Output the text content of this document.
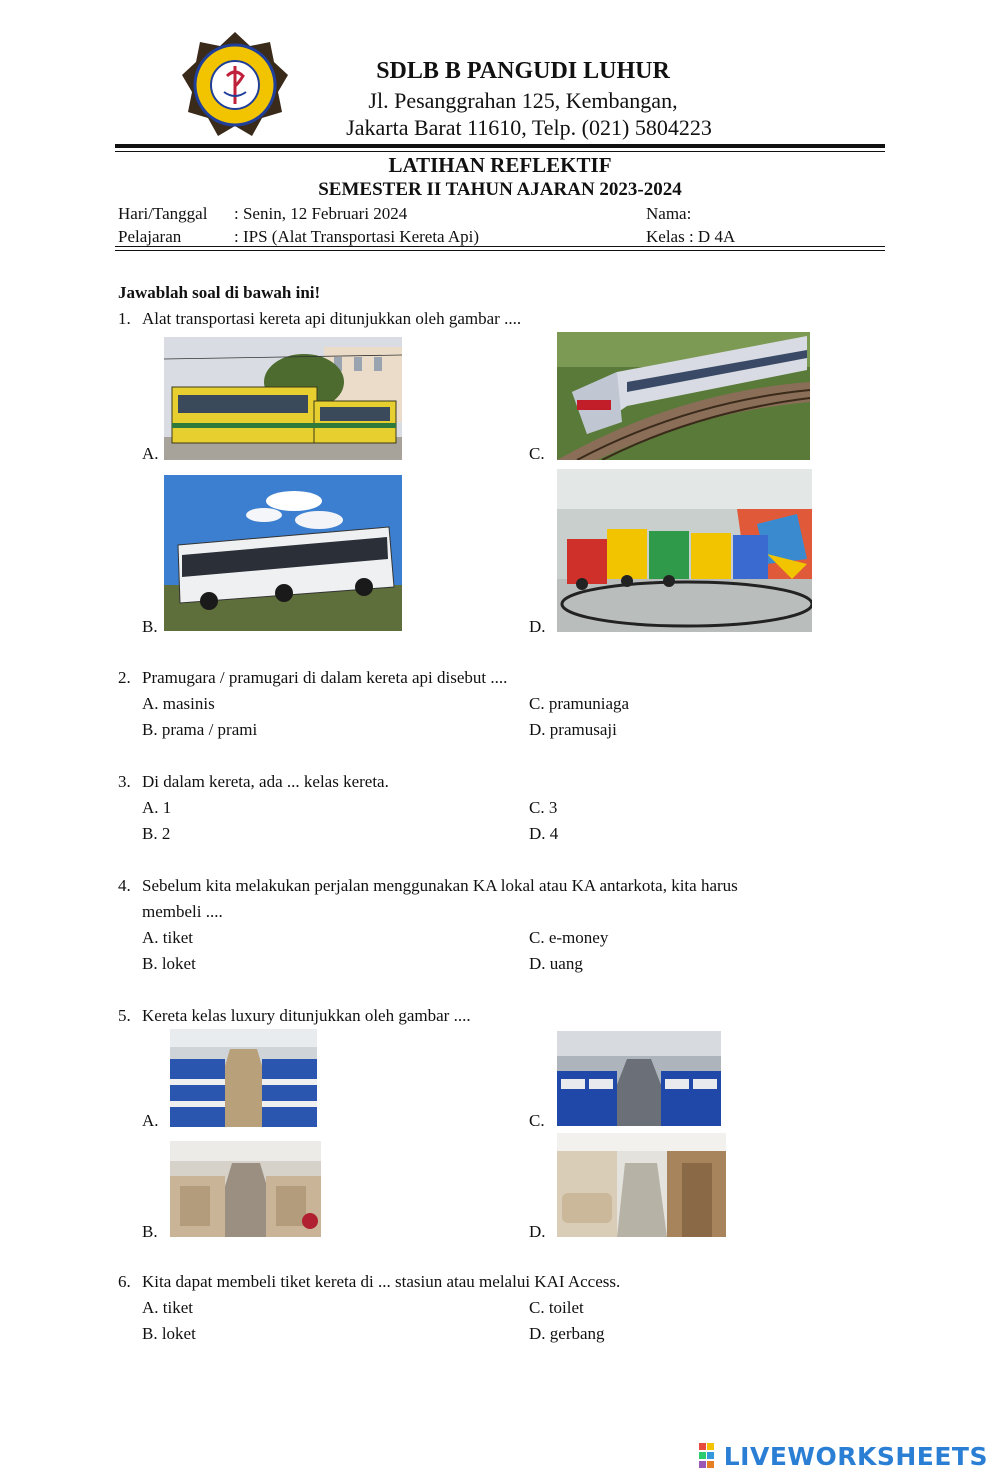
SDLB B PANGUDI LUHUR
Jl. Pesanggrahan 125, Kembangan,
Jakarta Barat 11610, Telp. (021) 5804223
LATIHAN REFLEKTIF
SEMESTER II TAHUN AJARAN 2023-2024
Hari/Tanggal : Senin, 12 Februari 2024
Pelajaran	: IPS (Alat Transportasi Kereta Api)
Nama:
Kelas : D 4A
Jawablah soal di bawah ini!
1. Alat transportasi kereta api ditunjukkan oleh gambar ....
A.
B.
C.
D.
2. Pramugara / pramugari di dalam kereta api disebut ....
A. masinis
B. prama / prami
C. pramuniaga
D. pramusaji
3. Di dalam kereta, ada ... kelas kereta.
A. 1
B. 2
C. 3
D. 4
4. Sebelum kita melakukan perjalan menggunakan KA lokal atau KA antarkota, kita harus
membeli ....
A. tiket
B. loket
C. e-money
D. uang
5. Kereta kelas luxury ditunjukkan oleh gambar ....
A.
B.
C.
D.
6. Kita dapat membeli tiket kereta di ... stasiun atau melalui KAI Access.
A. tiket
B. loket
C. toilet
D. gerbang
LIVEWORKSHEETS
